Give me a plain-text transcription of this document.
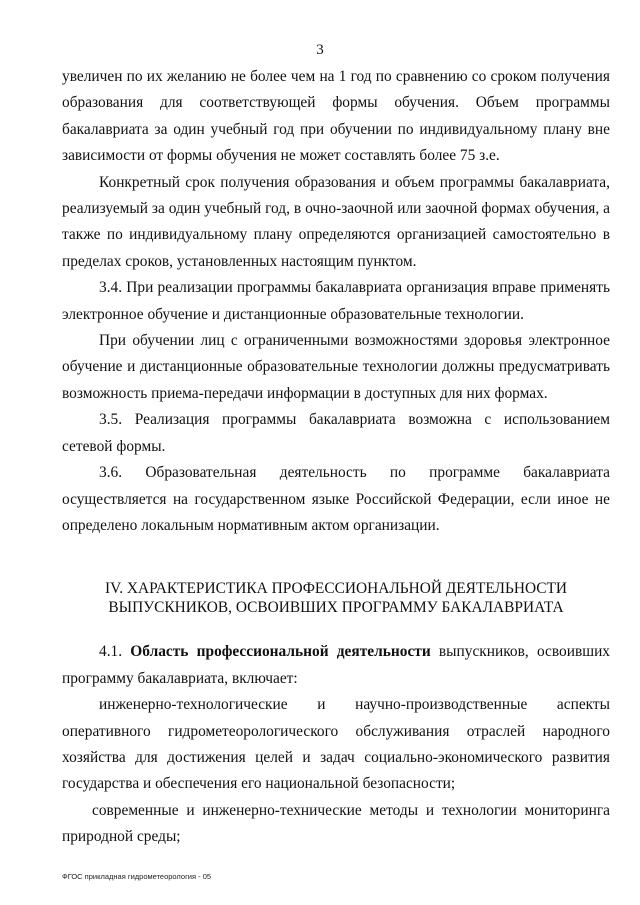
3

увеличен по их желанию не более чем на 1 год по сравнению со сроком получения образования для соответствующей формы обучения. Объем программы бакалавриата за один учебный год при обучении по индивидуальному плану вне зависимости от формы обучения не может составлять более 75 з.е.

Конкретный срок получения образования и объем программы бакалавриата, реализуемый за один учебный год, в очно-заочной или заочной формах обучения, а также по индивидуальному плану определяются организацией самостоятельно в пределах сроков, установленных настоящим пунктом.

3.4. При реализации программы бакалавриата организация вправе применять электронное обучение и дистанционные образовательные технологии.

При обучении лиц с ограниченными возможностями здоровья электронное обучение и дистанционные образовательные технологии должны предусматривать возможность приема-передачи информации в доступных для них формах.

3.5. Реализация программы бакалавриата возможна с использованием сетевой формы.

3.6. Образовательная деятельность по программе бакалавриата осуществляется на государственном языке Российской Федерации, если иное не определено локальным нормативным актом организации.

IV. ХАРАКТЕРИСТИКА ПРОФЕССИОНАЛЬНОЙ ДЕЯТЕЛЬНОСТИ
ВЫПУСКНИКОВ, ОСВОИВШИХ ПРОГРАММУ БАКАЛАВРИАТА

4.1. Область профессиональной деятельности выпускников, освоивших программу бакалавриата, включает:

инженерно-технологические и научно-производственные аспекты оперативного гидрометеорологического обслуживания отраслей народного хозяйства для достижения целей и задач социально-экономического развития государства и обеспечения его национальной безопасности;

современные и инженерно-технические методы и технологии мониторинга природной среды;

ФГОС прикладная гидрометеорология - 05
